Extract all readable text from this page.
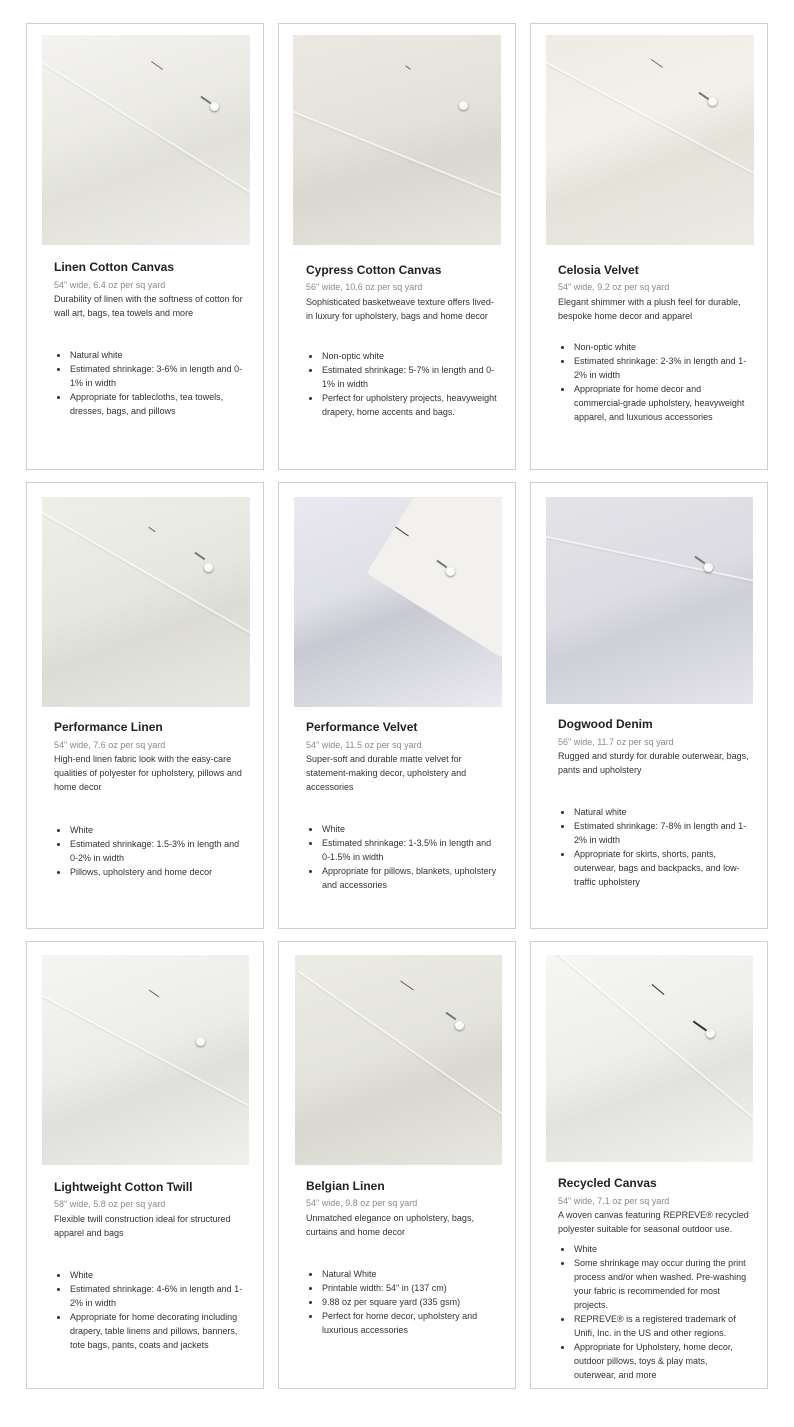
Linen Cotton Canvas
54" wide, 6.4 oz per sq yard
Durability of linen with the softness of cotton for wall art, bags, tea towels and more
Natural white
Estimated shrinkage: 3-6% in length and 0-1% in width
Appropriate for tablecloths, tea towels, dresses, bags, and pillows
Cypress Cotton Canvas
56" wide, 10.6 oz per sq yard
Sophisticated basketweave texture offers lived-in luxury for upholstery, bags and home decor
Non-optic white
Estimated shrinkage: 5-7% in length and 0-1% in width
Perfect for upholstery projects, heavyweight drapery, home accents and bags.
Celosia Velvet
54" wide, 9.2 oz per sq yard
Elegant shimmer with a plush feel for durable, bespoke home decor and apparel
Non-optic white
Estimated shrinkage: 2-3% in length and 1-2% in width
Appropriate for home decor and commercial-grade upholstery, heavyweight apparel, and luxurious accessories
Performance Linen
54" wide, 7.6 oz per sq yard
High-end linen fabric look with the easy-care qualities of polyester for upholstery, pillows and home decor
White
Estimated shrinkage: 1.5-3% in length and 0-2% in width
Pillows, upholstery and home decor
Performance Velvet
54" wide, 11.5 oz per sq yard
Super-soft and durable matte velvet for statement-making decor, upholstery and accessories
White
Estimated shrinkage: 1-3.5% in length and 0-1.5% in width
Appropriate for pillows, blankets, upholstery and accessories
Dogwood Denim
56" wide, 11.7 oz per sq yard
Rugged and sturdy for durable outerwear, bags, pants and upholstery
Natural white
Estimated shrinkage: 7-8% in length and 1-2% in width
Appropriate for skirts, shorts, pants, outerwear, bags and backpacks, and low-traffic upholstery
Lightweight Cotton Twill
58" wide, 5.8 oz per sq yard
Flexible twill construction ideal for structured apparel and bags
White
Estimated shrinkage: 4-6% in length and 1-2% in width
Appropriate for home decorating including drapery, table linens and pillows, banners, tote bags, pants, coats and jackets
Belgian Linen
54" wide, 9.8 oz per sq yard
Unmatched elegance on upholstery, bags, curtains and home decor
Natural White
Printable width: 54" in (137 cm)
9.88 oz per square yard (335 gsm)
Perfect for home decor, upholstery and luxurious accessories
Recycled Canvas
54" wide, 7.1 oz per sq yard
A woven canvas featuring REPREVE® recycled polyester suitable for seasonal outdoor use.
White
Some shrinkage may occur during the print process and/or when washed. Pre-washing your fabric is recommended for most projects.
REPREVE® is a registered trademark of Unifi, Inc. in the US and other regions.
Appropriate for Upholstery, home decor, outdoor pillows, toys & play mats, outerwear, and more
